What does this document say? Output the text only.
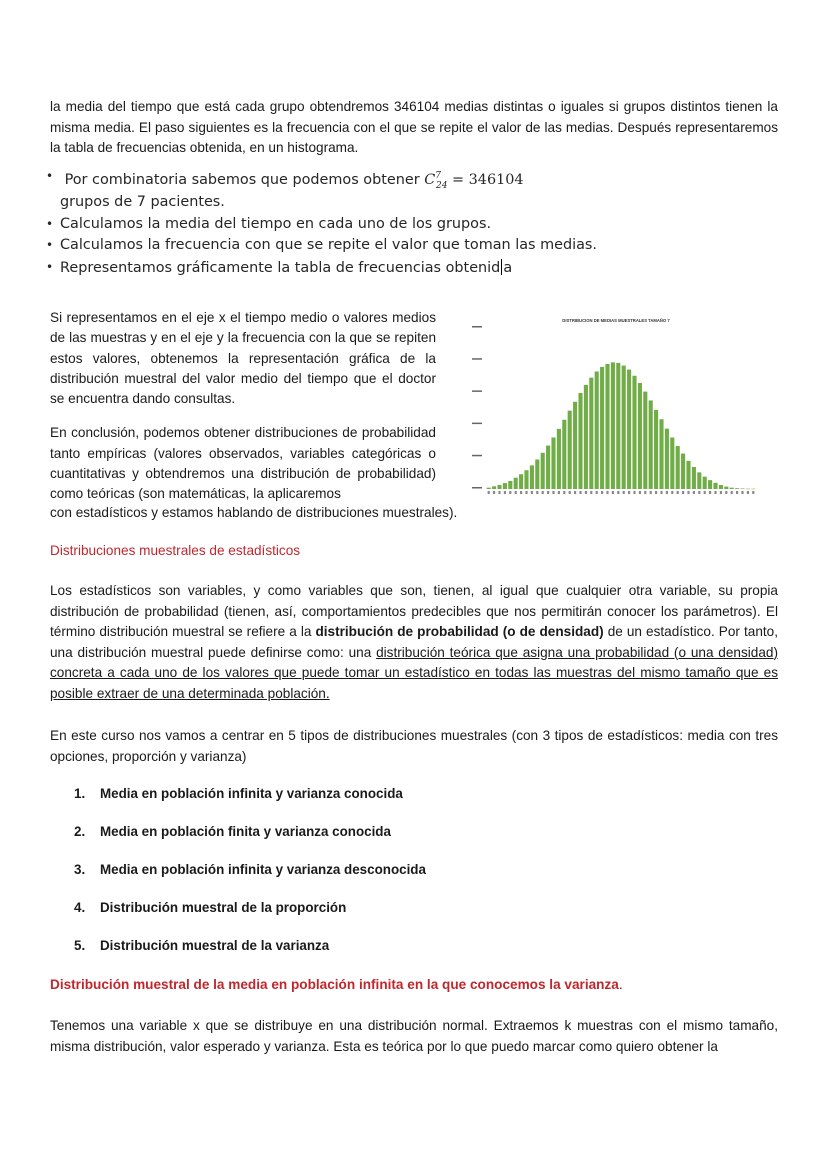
la media del tiempo que está cada grupo obtendremos 346104 medias distintas o iguales si grupos distintos tienen la misma media. El paso siguientes es la frecuencia con el que se repite el valor de las medias. Después representaremos la tabla de frecuencias obtenida, en un histograma.

• Por combinatoria sabemos que podemos obtener $C^7_{24} = 346104$
grupos de 7 pacientes.
• Calculamos la media del tiempo en cada uno de los grupos.
• Calculamos la frecuencia con que se repite el valor que toman las medias.
• Representamos gráficamente la tabla de frecuencias obtenid a

Si representamos en el eje x el tiempo medio o valores medios de las muestras y en el eje y la frecuencia con la que se repiten estos valores, obtenemos la representación gráfica de la distribución muestral del valor medio del tiempo que el doctor se encuentra dando consultas.

En conclusión, podemos obtener distribuciones de probabilidad tanto empíricas (valores observados, variables categóricas o cuantitativas y obtendremos una distribución de probabilidad) como teóricas (son matemáticas, la aplicaremos

con estadísticos y estamos hablando de distribuciones muestrales).
DISTRIBUCION DE MEDIAS MUESTRALES TAMAÑO 7
Distribuciones muestrales de estadísticos

Los estadísticos son variables, y como variables que son, tienen, al igual que cualquier otra variable, su propia distribución de probabilidad (tienen, así, comportamientos predecibles que nos permitirán conocer los parámetros). El término distribución muestral se refiere a la distribución de probabilidad (o de densidad) de un estadístico. Por tanto, una distribución muestral puede definirse como: una distribución teórica que asigna una probabilidad (o una densidad) concreta a cada uno de los valores que puede tomar un estadístico en todas las muestras del mismo tamaño que es posible extraer de una determinada población.

En este curso nos vamos a centrar en 5 tipos de distribuciones muestrales (con 3 tipos de estadísticos: media con tres opciones, proporción y varianza)

1.	Media en población infinita y varianza conocida
2.	Media en población finita y varianza conocida
3.	Media en población infinita y varianza desconocida
4.	Distribución muestral de la proporción
5.	Distribución muestral de la varianza
Distribución muestral de la media en población infinita en la que conocemos la varianza.

Tenemos una variable x que se distribuye en una distribución normal. Extraemos k muestras con el mismo tamaño, misma distribución, valor esperado y varianza. Esta es teórica por lo que puedo marcar como quiero obtener la
